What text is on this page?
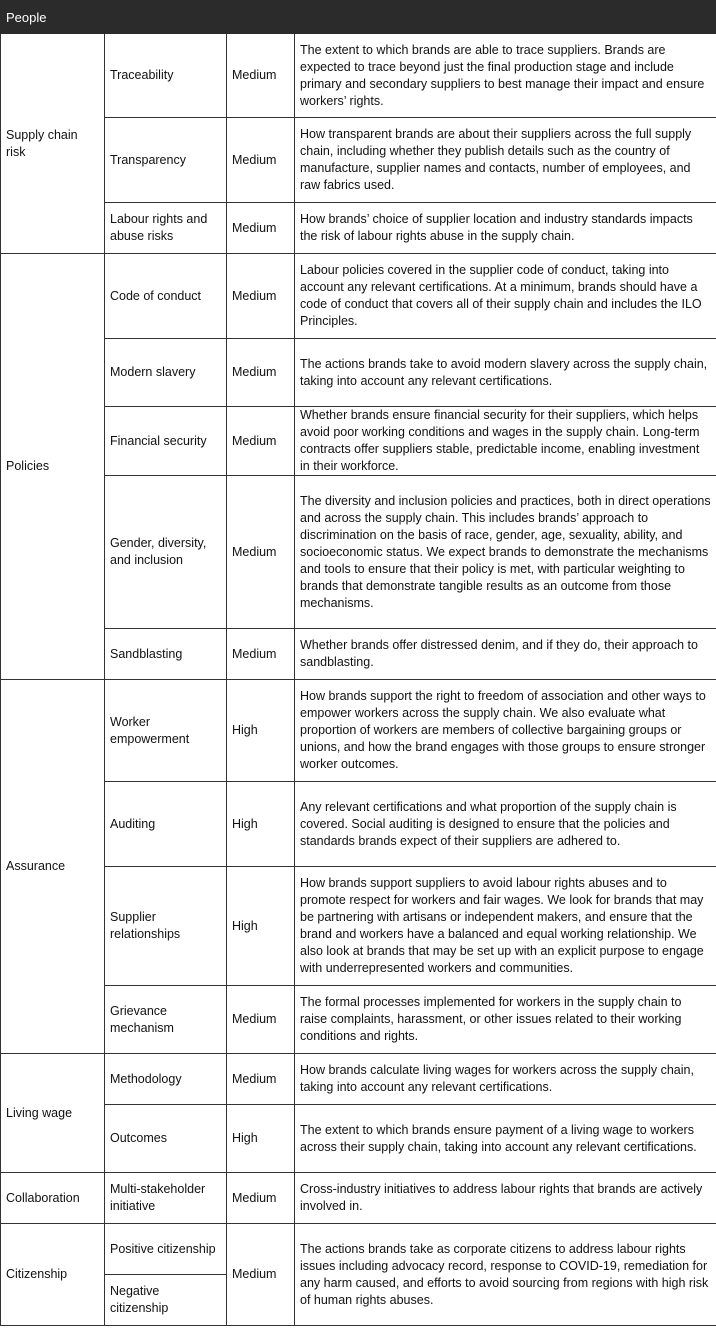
People			
Supply chain risk	Traceability	Medium	The extent to which brands are able to trace suppliers. Brands are expected to trace beyond just the final production stage and include primary and secondary suppliers to best manage their impact and ensure workers’ rights.
	Transparency	Medium	How transparent brands are about their suppliers across the full supply chain, including whether they publish details such as the country of manufacture, supplier names and contacts, number of employees, and raw fabrics used.
	Labour rights and abuse risks	Medium	How brands’ choice of supplier location and industry standards impacts the risk of labour rights abuse in the supply chain.
Policies	Code of conduct	Medium	Labour policies covered in the supplier code of conduct, taking into account any relevant certifications. At a minimum, brands should have a code of conduct that covers all of their supply chain and includes the ILO Principles.
	Modern slavery	Medium	The actions brands take to avoid modern slavery across the supply chain, taking into account any relevant certifications.
	Financial security	Medium	Whether brands ensure financial security for their suppliers, which helps avoid poor working conditions and wages in the supply chain. Long-term contracts offer suppliers stable, predictable income, enabling investment in their workforce.
	Gender, diversity, and inclusion	Medium	The diversity and inclusion policies and practices, both in direct operations and across the supply chain. This includes brands’ approach to discrimination on the basis of race, gender, age, sexuality, ability, and socioeconomic status. We expect brands to demonstrate the mechanisms and tools to ensure that their policy is met, with particular weighting to brands that demonstrate tangible results as an outcome from those mechanisms.
	Sandblasting	Medium	Whether brands offer distressed denim, and if they do, their approach to sandblasting.
Assurance	Worker empowerment	High	How brands support the right to freedom of association and other ways to empower workers across the supply chain. We also evaluate what proportion of workers are members of collective bargaining groups or unions, and how the brand engages with those groups to ensure stronger worker outcomes.
	Auditing	High	Any relevant certifications and what proportion of the supply chain is covered. Social auditing is designed to ensure that the policies and standards brands expect of their suppliers are adhered to.
	Supplier relationships	High	How brands support suppliers to avoid labour rights abuses and to promote respect for workers and fair wages. We look for brands that may be partnering with artisans or independent makers, and ensure that the brand and workers have a balanced and equal working relationship. We also look at brands that may be set up with an explicit purpose to engage with underrepresented workers and communities.
	Grievance mechanism	Medium	The formal processes implemented for workers in the supply chain to raise complaints, harassment, or other issues related to their working conditions and rights.
Living wage	Methodology	Medium	How brands calculate living wages for workers across the supply chain, taking into account any relevant certifications.
	Outcomes	High	The extent to which brands ensure payment of a living wage to workers across their supply chain, taking into account any relevant certifications.
Collaboration	Multi-stakeholder initiative	Medium	Cross-industry initiatives to address labour rights that brands are actively involved in.
Citizenship	Positive citizenship	Medium	The actions brands take as corporate citizens to address labour rights issues including advocacy record, response to COVID-19, remediation for any harm caused, and efforts to avoid sourcing from regions with high risk of human rights abuses.
	Negative citizenship		
